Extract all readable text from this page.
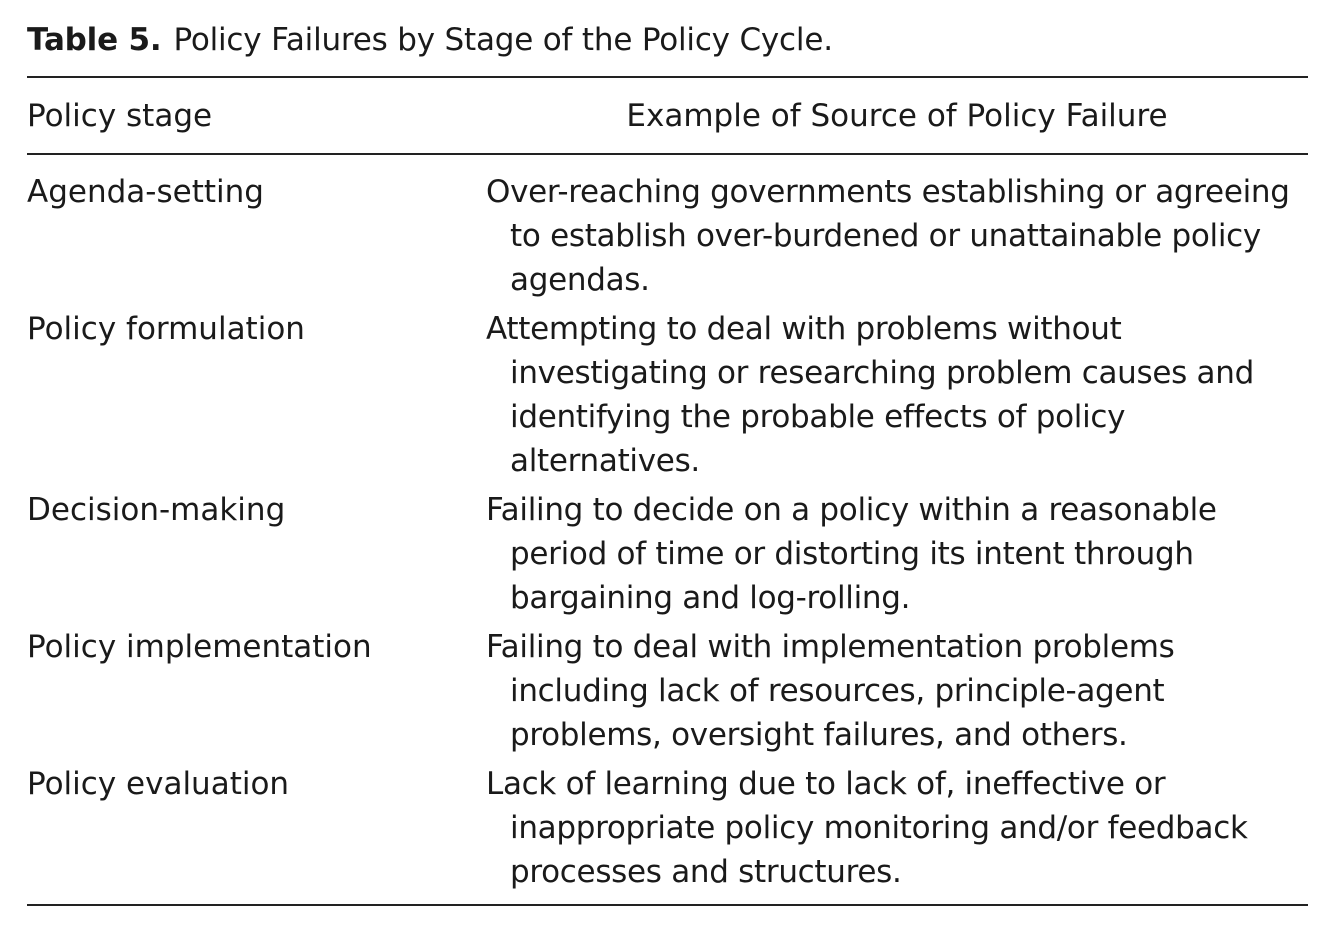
Table 5. Policy Failures by Stage of the Policy Cycle.
Policy stage	Example of Source of Policy Failure
Agenda-setting	Over-reaching governments establishing or agreeing to establish over-burdened or unattainable policy agendas.
Policy formulation	Attempting to deal with problems without investigating or researching problem causes and identifying the probable effects of policy alternatives.
Decision-making	Failing to decide on a policy within a reasonable period of time or distorting its intent through bargaining and log-rolling.
Policy implementation	Failing to deal with implementation problems including lack of resources, principle-agent problems, oversight failures, and others.
Policy evaluation	Lack of learning due to lack of, ineffective or inappropriate policy monitoring and/or feedback processes and structures.
